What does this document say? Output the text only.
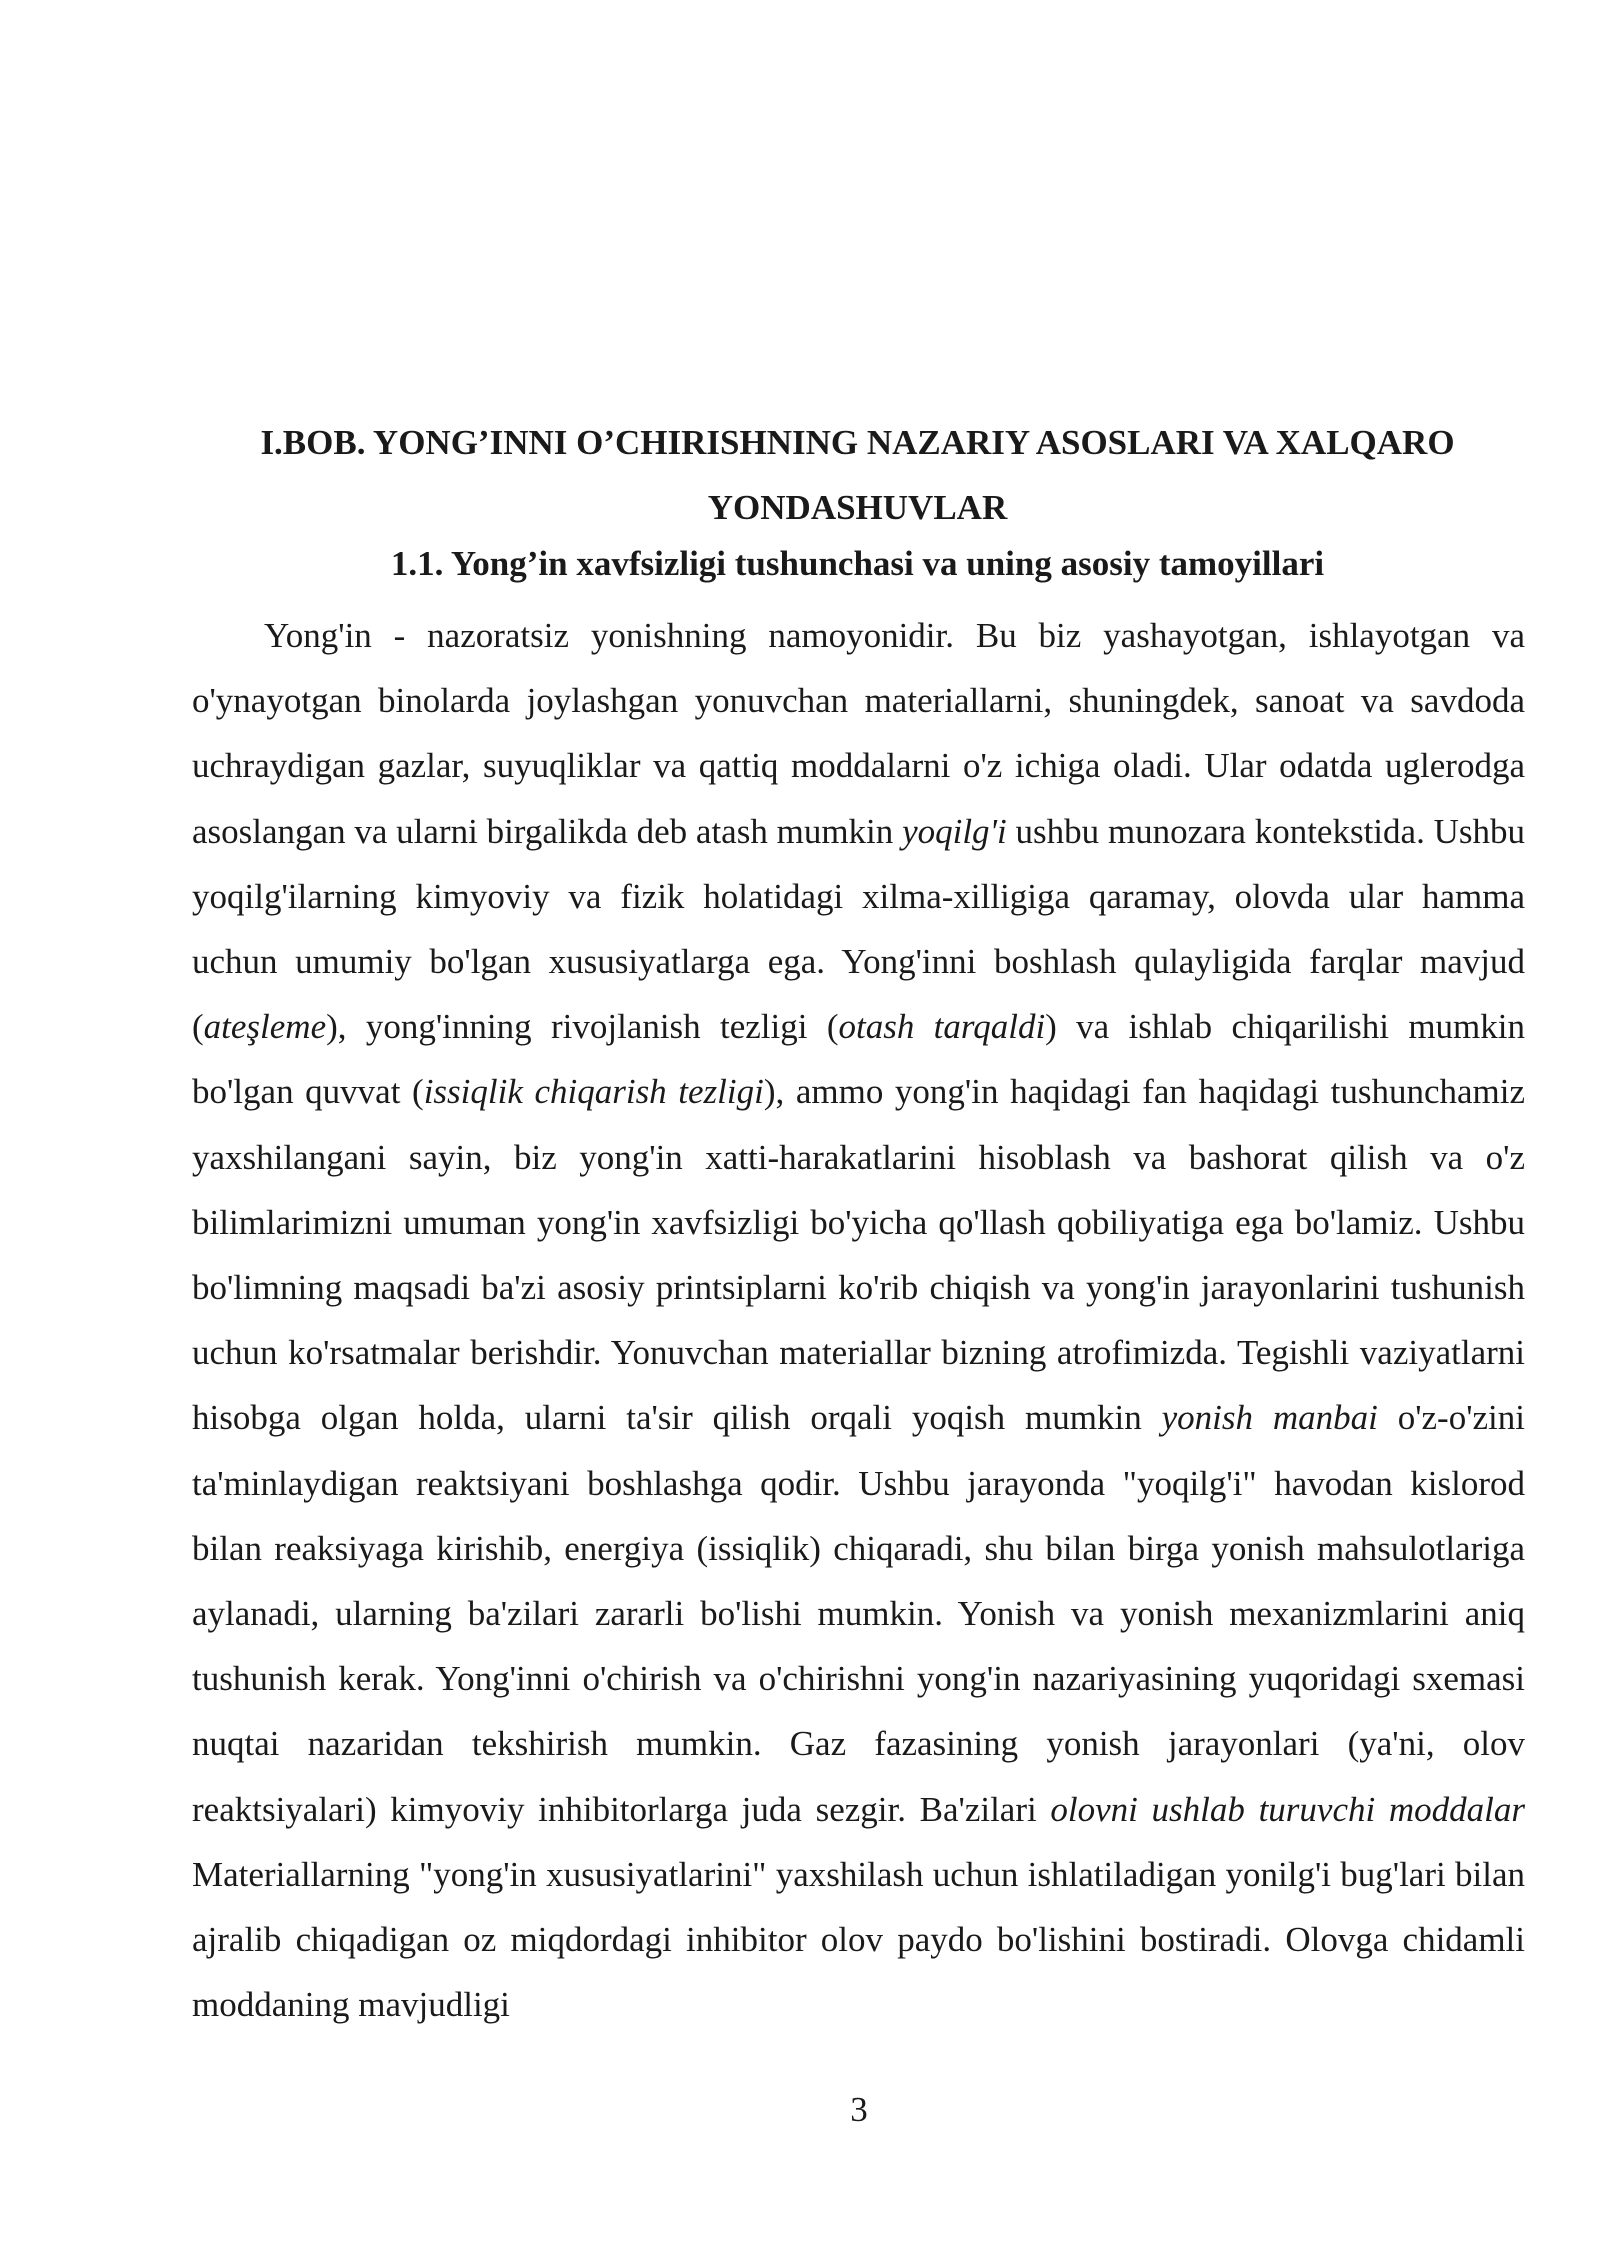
I.BOB. YONG’INNI O’CHIRISHNING NAZARIY ASOSLARI VA XALQARO
YONDASHUVLAR
1.1. Yong’in xavfsizligi tushunchasi va uning asosiy tamoyillari

Yong'in - nazoratsiz yonishning namoyonidir. Bu biz yashayotgan, ishlayotgan va o'ynayotgan binolarda joylashgan yonuvchan materiallarni, shuningdek, sanoat va savdoda uchraydigan gazlar, suyuqliklar va qattiq moddalarni o'z ichiga oladi. Ular odatda uglerodga asoslangan va ularni birgalikda deb atash mumkin yoqilg'i ushbu munozara kontekstida. Ushbu yoqilg'ilarning kimyoviy va fizik holatidagi xilma-xilligiga qaramay, olovda ular hamma uchun umumiy bo'lgan xususiyatlarga ega. Yong'inni boshlash qulayligida farqlar mavjud (ateşleme), yong'inning rivojlanish tezligi (otash tarqaldi) va ishlab chiqarilishi mumkin bo'lgan quvvat (issiqlik chiqarish tezligi), ammo yong'in haqidagi fan haqidagi tushunchamiz yaxshilangani sayin, biz yong'in xatti-harakatlarini hisoblash va bashorat qilish va o'z bilimlarimizni umuman yong'in xavfsizligi bo'yicha qo'llash qobiliyatiga ega bo'lamiz. Ushbu bo'limning maqsadi ba'zi asosiy printsiplarni ko'rib chiqish va yong'in jarayonlarini tushunish uchun ko'rsatmalar berishdir. Yonuvchan materiallar bizning atrofimizda. Tegishli vaziyatlarni hisobga olgan holda, ularni ta'sir qilish orqali yoqish mumkin yonish manbai o'z-o'zini ta'minlaydigan reaktsiyani boshlashga qodir. Ushbu jarayonda "yoqilg'i" havodan kislorod bilan reaksiyaga kirishib, energiya (issiqlik) chiqaradi, shu bilan birga yonish mahsulotlariga aylanadi, ularning ba'zilari zararli bo'lishi mumkin. Yonish va yonish mexanizmlarini aniq tushunish kerak. Yong'inni o'chirish va o'chirishni yong'in nazariyasining yuqoridagi sxemasi nuqtai nazaridan tekshirish mumkin. Gaz fazasining yonish jarayonlari (ya'ni, olov reaktsiyalari) kimyoviy inhibitorlarga juda sezgir. Ba'zilari olovni ushlab turuvchi moddalar Materiallarning "yong'in xususiyatlarini" yaxshilash uchun ishlatiladigan yonilg'i bug'lari bilan ajralib chiqadigan oz miqdordagi inhibitor olov paydo bo'lishini bostiradi. Olovga chidamli moddaning mavjudligi

3
